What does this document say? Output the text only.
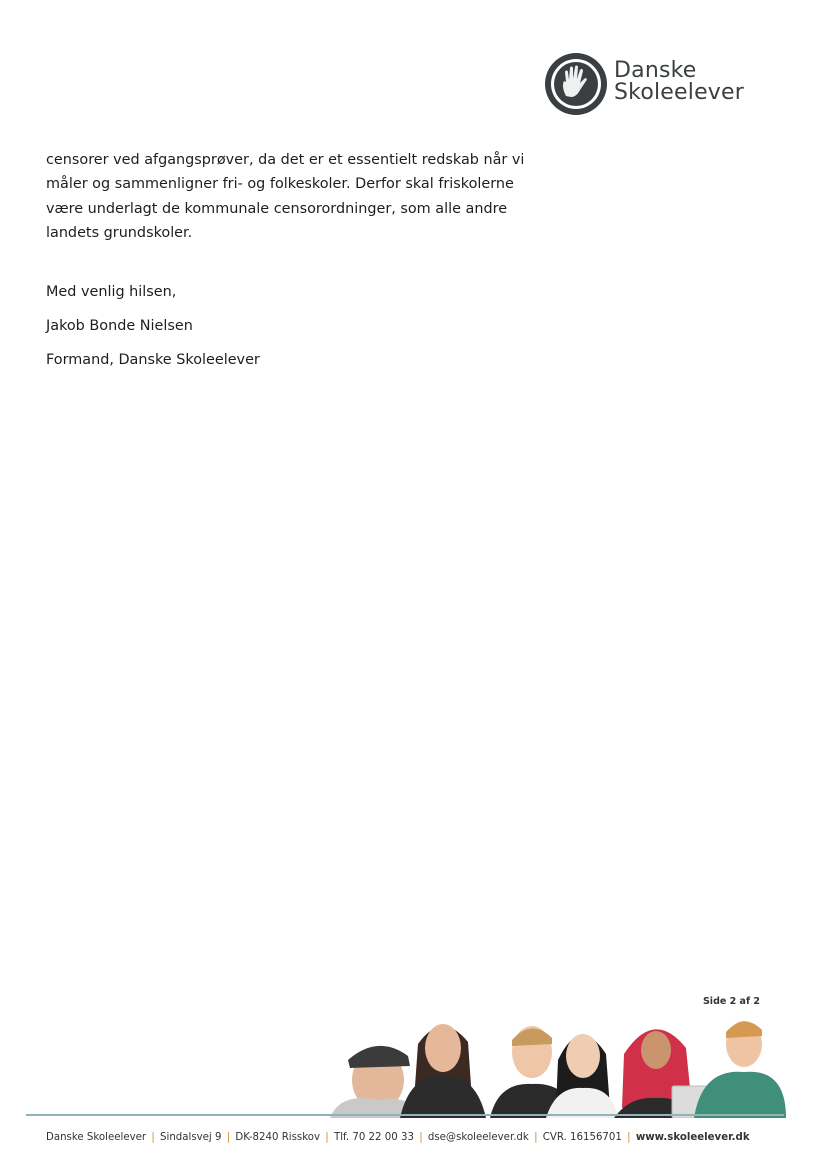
Danske
Skoleelever

censorer ved afgangsprøver, da det er et essentielt redskab når vi måler og sammenligner fri- og folkeskoler. Derfor skal friskolerne være underlagt de kommunale censorordninger, som alle andre landets grundskoler.

Med venlig hilsen,
Jakob Bonde Nielsen
Formand, Danske Skoleelever
Side 2 af 2
Danske Skoleelever | Sindalsvej 9 | DK-8240 Risskov | Tlf. 70 22 00 33 | dse@skoleelever.dk | CVR. 16156701 | www.skoleelever.dk
